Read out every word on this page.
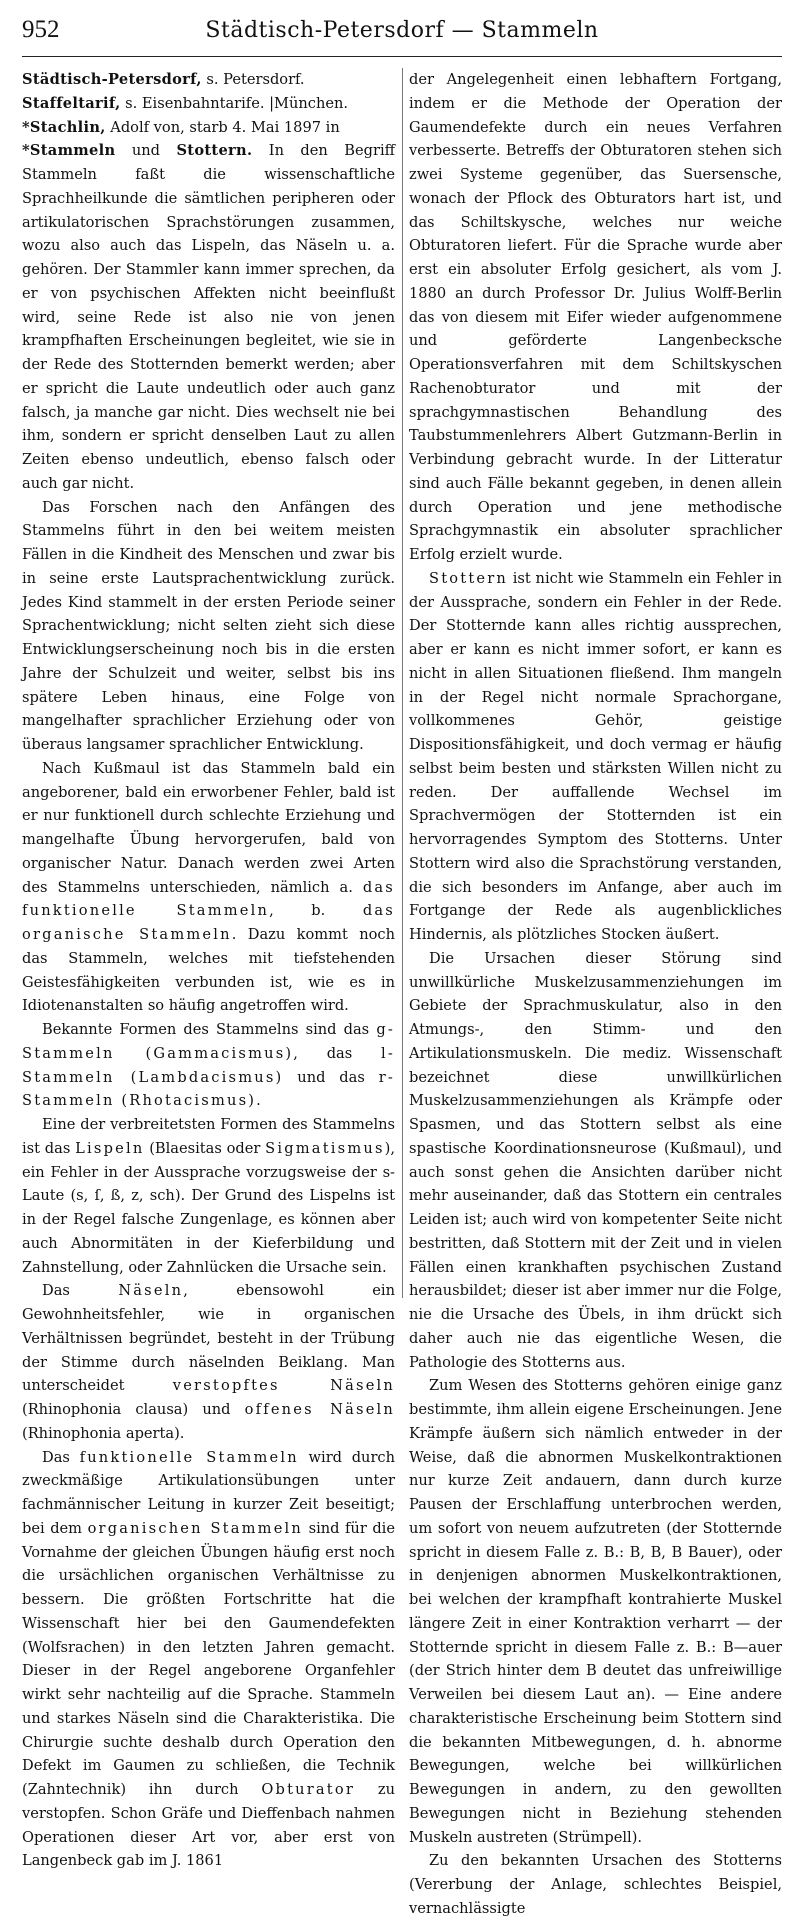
952	Städtisch-Petersdorf — Stammeln

Städtisch-Petersdorf, s. Petersdorf.

Staffeltarif, s. Eisenbahntarife. |München.

*Stachlin, Adolf von, starb 4. Mai 1897 in

*Stammeln und Stottern. In den Begriff Stammeln faßt die wissenschaftliche Sprachheilkunde die sämtlichen peripheren oder artikulatorischen Sprachstörungen zusammen, wozu also auch das Lispeln, das Näseln u. a. gehören. Der Stammler kann immer sprechen, da er von psychischen Affekten nicht beeinflußt wird, seine Rede ist also nie von jenen krampfhaften Erscheinungen begleitet, wie sie in der Rede des Stotternden bemerkt werden; aber er spricht die Laute undeutlich oder auch ganz falsch, ja manche gar nicht. Dies wechselt nie bei ihm, sondern er spricht denselben Laut zu allen Zeiten ebenso undeutlich, ebenso falsch oder auch gar nicht.

Das Forschen nach den Anfängen des Stammelns führt in den bei weitem meisten Fällen in die Kindheit des Menschen und zwar bis in seine erste Lautsprachentwicklung zurück. Jedes Kind stammelt in der ersten Periode seiner Sprachentwicklung; nicht selten zieht sich diese Entwicklungserscheinung noch bis in die ersten Jahre der Schulzeit und weiter, selbst bis ins spätere Leben hinaus, eine Folge von mangelhafter sprachlicher Erziehung oder von überaus langsamer sprachlicher Entwicklung.

Nach Kußmaul ist das Stammeln bald ein angeborener, bald ein erworbener Fehler, bald ist er nur funktionell durch schlechte Erziehung und mangelhafte Übung hervorgerufen, bald von organischer Natur. Danach werden zwei Arten des Stammelns unterschieden, nämlich a. das funktionelle Stammeln, b. das organische Stammeln. Dazu kommt noch das Stammeln, welches mit tiefstehenden Geistesfähigkeiten verbunden ist, wie es in Idiotenanstalten so häufig angetroffen wird.

Bekannte Formen des Stammelns sind das g-Stammeln (Gammacismus), das l-Stammeln (Lambdacismus) und das r-Stammeln (Rhotacismus).

Eine der verbreitetsten Formen des Stammelns ist das Lispeln (Blaesitas oder Sigmatismus), ein Fehler in der Aussprache vorzugsweise der s-Laute (s, ſ, ß, z, sch). Der Grund des Lispelns ist in der Regel falsche Zungenlage, es können aber auch Abnormitäten in der Kieferbildung und Zahnstellung, oder Zahnlücken die Ursache sein.

Das Näseln, ebensowohl ein Gewohnheitsfehler, wie in organischen Verhältnissen begründet, besteht in der Trübung der Stimme durch näselnden Beiklang. Man unterscheidet verstopftes Näseln (Rhinophonia clausa) und offenes Näseln (Rhinophonia aperta).

Das funktionelle Stammeln wird durch zweckmäßige Artikulationsübungen unter fachmännischer Leitung in kurzer Zeit beseitigt; bei dem organischen Stammeln sind für die Vornahme der gleichen Übungen häufig erst noch die ursächlichen organischen Verhältnisse zu bessern. Die größten Fortschritte hat die Wissenschaft hier bei den Gaumendefekten (Wolfsrachen) in den letzten Jahren gemacht. Dieser in der Regel angeborene Organfehler wirkt sehr nachteilig auf die Sprache. Stammeln und starkes Näseln sind die Charakteristika. Die Chirurgie suchte deshalb durch Operation den Defekt im Gaumen zu schließen, die Technik (Zahntechnik) ihn durch Obturator zu verstopfen. Schon Gräfe und Dieffenbach nahmen Operationen dieser Art vor, aber erst von Langenbeck gab im J. 1861

der Angelegenheit einen lebhaftern Fortgang, indem er die Methode der Operation der Gaumendefekte durch ein neues Verfahren verbesserte. Betreffs der Obturatoren stehen sich zwei Systeme gegenüber, das Suersensche, wonach der Pflock des Obturators hart ist, und das Schiltskysche, welches nur weiche Obturatoren liefert. Für die Sprache wurde aber erst ein absoluter Erfolg gesichert, als vom J. 1880 an durch Professor Dr. Julius Wolff-Berlin das von diesem mit Eifer wieder aufgenommene und geförderte Langenbecksche Operationsverfahren mit dem Schiltskyschen Rachenobturator und mit der sprachgymnastischen Behandlung des Taubstummenlehrers Albert Gutzmann-Berlin in Verbindung gebracht wurde. In der Litteratur sind auch Fälle bekannt gegeben, in denen allein durch Operation und jene methodische Sprachgymnastik ein absoluter sprachlicher Erfolg erzielt wurde.

Stottern ist nicht wie Stammeln ein Fehler in der Aussprache, sondern ein Fehler in der Rede. Der Stotternde kann alles richtig aussprechen, aber er kann es nicht immer sofort, er kann es nicht in allen Situationen fließend. Ihm mangeln in der Regel nicht normale Sprachorgane, vollkommenes Gehör, geistige Dispositionsfähigkeit, und doch vermag er häufig selbst beim besten und stärksten Willen nicht zu reden. Der auffallende Wechsel im Sprachvermögen der Stotternden ist ein hervorragendes Symptom des Stotterns. Unter Stottern wird also die Sprachstörung verstanden, die sich besonders im Anfange, aber auch im Fortgange der Rede als augenblickliches Hindernis, als plötzliches Stocken äußert.

Die Ursachen dieser Störung sind unwillkürliche Muskelzusammenziehungen im Gebiete der Sprachmuskulatur, also in den Atmungs-, den Stimm- und den Artikulationsmuskeln. Die mediz. Wissenschaft bezeichnet diese unwillkürlichen Muskelzusammenziehungen als Krämpfe oder Spasmen, und das Stottern selbst als eine spastische Koordinationsneurose (Kußmaul), und auch sonst gehen die Ansichten darüber nicht mehr auseinander, daß das Stottern ein centrales Leiden ist; auch wird von kompetenter Seite nicht bestritten, daß Stottern mit der Zeit und in vielen Fällen einen krankhaften psychischen Zustand herausbildet; dieser ist aber immer nur die Folge, nie die Ursache des Übels, in ihm drückt sich daher auch nie das eigentliche Wesen, die Pathologie des Stotterns aus.

Zum Wesen des Stotterns gehören einige ganz bestimmte, ihm allein eigene Erscheinungen. Jene Krämpfe äußern sich nämlich entweder in der Weise, daß die abnormen Muskelkontraktionen nur kurze Zeit andauern, dann durch kurze Pausen der Erschlaffung unterbrochen werden, um sofort von neuem aufzutreten (der Stotternde spricht in diesem Falle z. B.: B, B, B Bauer), oder in denjenigen abnormen Muskelkontraktionen, bei welchen der krampfhaft kontrahierte Muskel längere Zeit in einer Kontraktion verharrt — der Stotternde spricht in diesem Falle z. B.: B—auer (der Strich hinter dem B deutet das unfreiwillige Verweilen bei diesem Laut an). — Eine andere charakteristische Erscheinung beim Stottern sind die bekannten Mitbewegungen, d. h. abnorme Bewegungen, welche bei willkürlichen Bewegungen in andern, zu den gewollten Bewegungen nicht in Beziehung stehenden Muskeln austreten (Strümpell).

Zu den bekannten Ursachen des Stotterns (Vererbung der Anlage, schlechtes Beispiel, vernachlässigte
